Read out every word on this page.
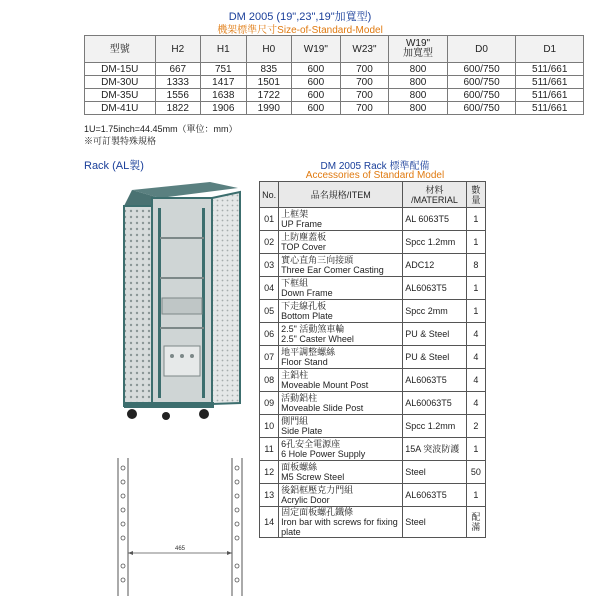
DM 2005 (19",23",19"加寬型)
機架標準尺寸Size-of-Standard-Model
型號	H2	H1	H0	W19"	W23"	W19"
加寬型	D0	D1
DM-15U	667	751	835	600	700	800	600/750	511/661
DM-30U	1333	1417	1501	600	700	800	600/750	511/661
DM-35U	1556	1638	1722	600	700	800	600/750	511/661
DM-41U	1822	1906	1990	600	700	800	600/750	511/661
1U=1.75inch=44.45mm（單位：mm）
※可訂製特殊規格
Rack (AL製)	DM 2005 Rack 標準配備
Accessories of Standard Model
No.	品名規格/ITEM	材料
/MATERIAL	數
量
01	上框架
UP Frame	AL 6063T5	1
02	上防塵蓋板
TOP Cover	Spcc 1.2mm	1
03	實心直角三向接頭
Three Ear Comer Casting	ADC12	8
04	下框組
Down Frame	AL6063T5	1
05	下走線孔板
Bottom Plate	Spcc 2mm	1
06	2.5" 活動煞車輪
2.5" Caster Wheel	PU & Steel	4
07	地平調整螺絲
Floor Stand	PU & Steel	4
08	主鋁柱
Moveable Mount Post	AL6063T5	4
09	活動鋁柱
Moveable Slide Post	AL60063T5	4
10	側門組
Side Plate	Spcc 1.2mm	2
11	6孔安全電源座
6 Hole Power Supply	15A 突波防護	1
12	面板螺絲
M5 Screw Steel	Steel	50
13	後鋁框壓克力門組
Acrylic Door	AL6063T5	1
14	固定面板螺孔鐵條
Iron bar with screws for fixing plate	Steel	配滿
465
